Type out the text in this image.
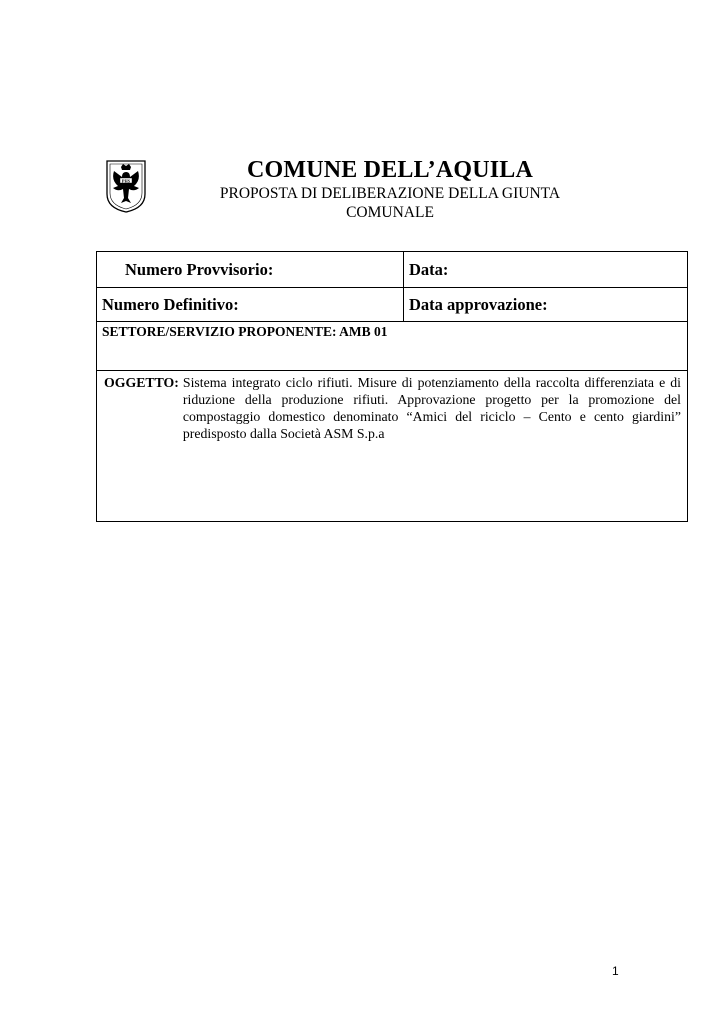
PHS	COMUNE DELL’AQUILA
PROPOSTA DI DELIBERAZIONE DELLA GIUNTA
COMUNALE
Numero Provvisorio:	Data:
Numero Definitivo:	Data approvazione:
SETTORE/SERVIZIO PROPONENTE: AMB 01
OGGETTO: Sistema integrato ciclo rifiuti. Misure di potenziamento della raccolta differenziata e di riduzione della produzione rifiuti. Approvazione progetto per la promozione del compostaggio domestico denominato “Amici del riciclo – Cento e cento giardini” predisposto dalla Società ASM S.p.a
1
